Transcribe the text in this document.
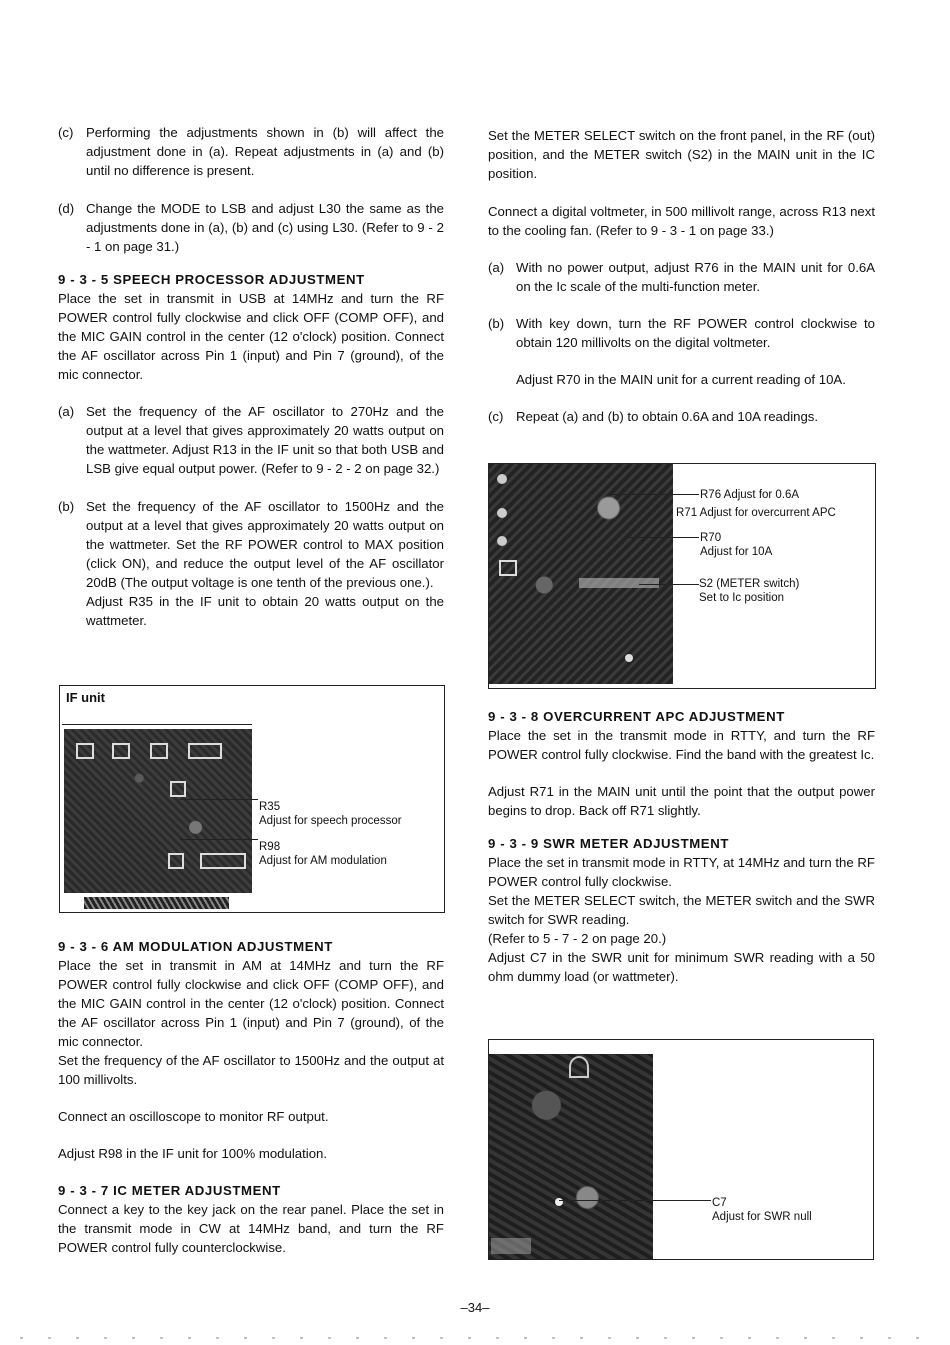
(c) Performing the adjustments shown in (b) will affect the adjustment done in (a). Repeat adjustments in (a) and (b) until no difference is present.
(d) Change the MODE to LSB and adjust L30 the same as the adjustments done in (a), (b) and (c) using L30. (Refer to 9 - 2 - 1 on page 31.)
9 - 3 - 5 SPEECH PROCESSOR ADJUSTMENT

Place the set in transmit in USB at 14MHz and turn the RF POWER control fully clockwise and click OFF (COMP OFF), and the MIC GAIN control in the center (12 o'clock) position. Connect the AF oscillator across Pin 1 (input) and Pin 7 (ground), of the mic connector.

(a) Set the frequency of the AF oscillator to 270Hz and the output at a level that gives approximately 20 watts output on the wattmeter. Adjust R13 in the IF unit so that both USB and LSB give equal output power. (Refer to 9 - 2 - 2 on page 32.)
(b) Set the frequency of the AF oscillator to 1500Hz and the output at a level that gives approximately 20 watts output on the wattmeter. Set the RF POWER control to MAX position (click ON), and reduce the output level of the AF oscillator 20dB (The output voltage is one tenth of the previous one.).
Adjust R35 in the IF unit to obtain 20 watts output on the wattmeter.
IF unit
R35
Adjust for speech processor
R98
Adjust for AM modulation
9 - 3 - 6 AM MODULATION ADJUSTMENT

Place the set in transmit in AM at 14MHz and turn the RF POWER control fully clockwise and click OFF (COMP OFF), and the MIC GAIN control in the center (12 o'clock) position. Connect the AF oscillator across Pin 1 (input) and Pin 7 (ground), of the mic connector.

Set the frequency of the AF oscillator to 1500Hz and the output at 100 millivolts.

Connect an oscilloscope to monitor RF output.

Adjust R98 in the IF unit for 100% modulation.

9 - 3 - 7 IC METER ADJUSTMENT

Connect a key to the key jack on the rear panel. Place the set in the transmit mode in CW at 14MHz band, and turn the RF POWER control fully counterclockwise.

Set the METER SELECT switch on the front panel, in the RF (out) position, and the METER switch (S2) in the MAIN unit in the IC position.

Connect a digital voltmeter, in 500 millivolt range, across R13 next to the cooling fan. (Refer to 9 - 3 - 1 on page 33.)

(a) With no power output, adjust R76 in the MAIN unit for 0.6A on the Ic scale of the multi-function meter.
(b) With key down, turn the RF POWER control clockwise to obtain 120 millivolts on the digital voltmeter.
Adjust R70 in the MAIN unit for a current reading of 10A.
(c) Repeat (a) and (b) to obtain 0.6A and 10A readings.
R76 Adjust for 0.6A
R71 Adjust for overcurrent APC
R70
Adjust for 10A
S2 (METER switch)
Set to Ic position
9 - 3 - 8 OVERCURRENT APC ADJUSTMENT

Place the set in the transmit mode in RTTY, and turn the RF POWER control fully clockwise. Find the band with the greatest Ic.

Adjust R71 in the MAIN unit until the point that the output power begins to drop. Back off R71 slightly.

9 - 3 - 9 SWR METER ADJUSTMENT

Place the set in transmit mode in RTTY, at 14MHz and turn the RF POWER control fully clockwise.

Set the METER SELECT switch, the METER switch and the SWR switch for SWR reading.

(Refer to 5 - 7 - 2 on page 20.)

Adjust C7 in the SWR unit for minimum SWR reading with a 50 ohm dummy load (or wattmeter).

C7
Adjust for SWR null
–34–
